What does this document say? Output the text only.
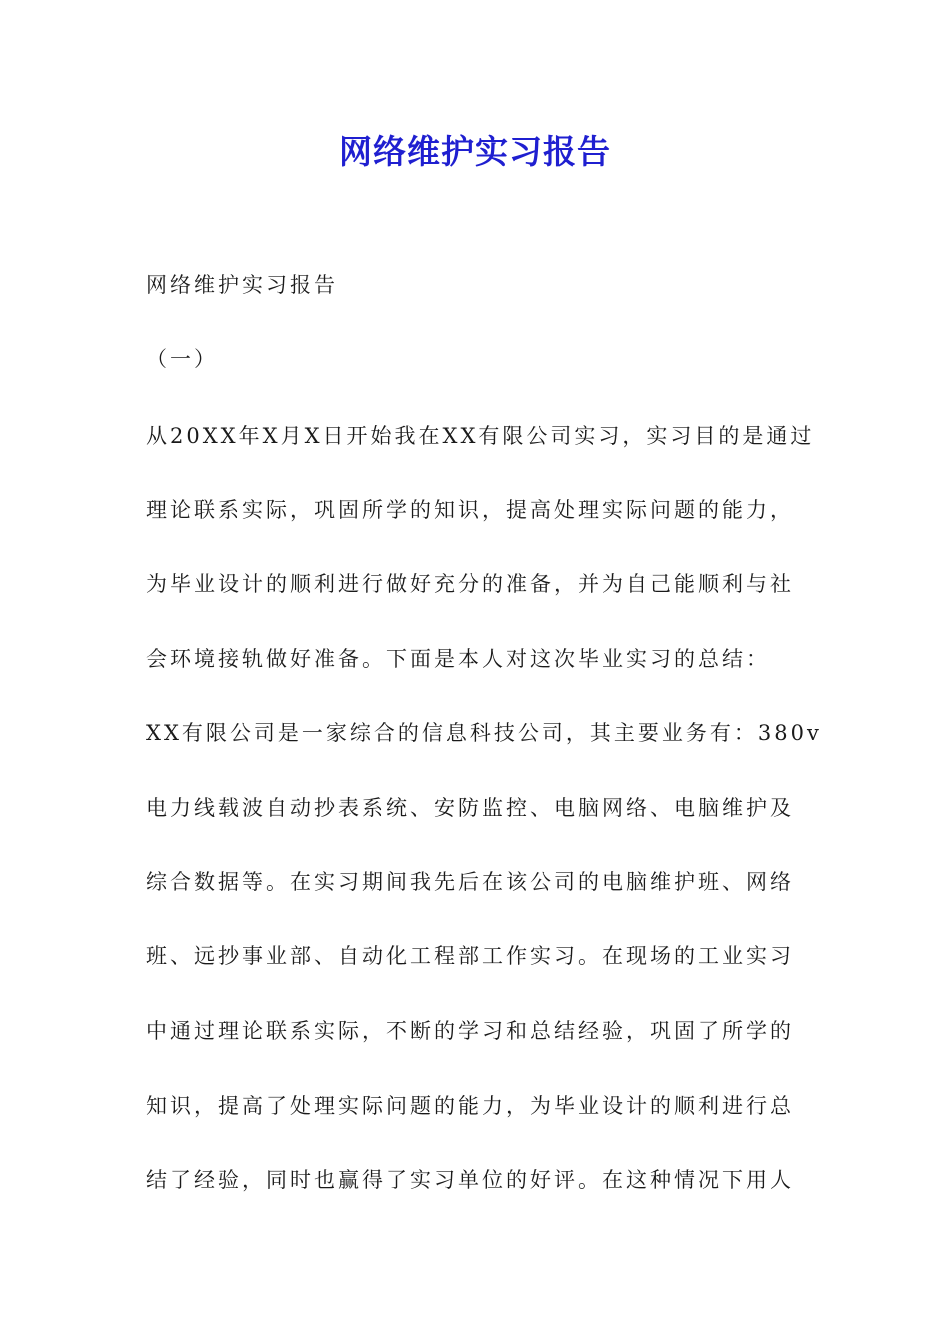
网络维护实习报告

网络维护实习报告

（一）

从20XX年X月X日开始我在XX有限公司实习，实习目的是通过

理论联系实际，巩固所学的知识，提高处理实际问题的能力，

为毕业设计的顺利进行做好充分的准备，并为自己能顺利与社

会环境接轨做好准备。下面是本人对这次毕业实习的总结：

XX有限公司是一家综合的信息科技公司，其主要业务有：380v

电力线载波自动抄表系统、安防监控、电脑网络、电脑维护及

综合数据等。在实习期间我先后在该公司的电脑维护班、网络

班、远抄事业部、自动化工程部工作实习。在现场的工业实习

中通过理论联系实际，不断的学习和总结经验，巩固了所学的

知识，提高了处理实际问题的能力，为毕业设计的顺利进行总

结了经验，同时也赢得了实习单位的好评。在这种情况下用人
